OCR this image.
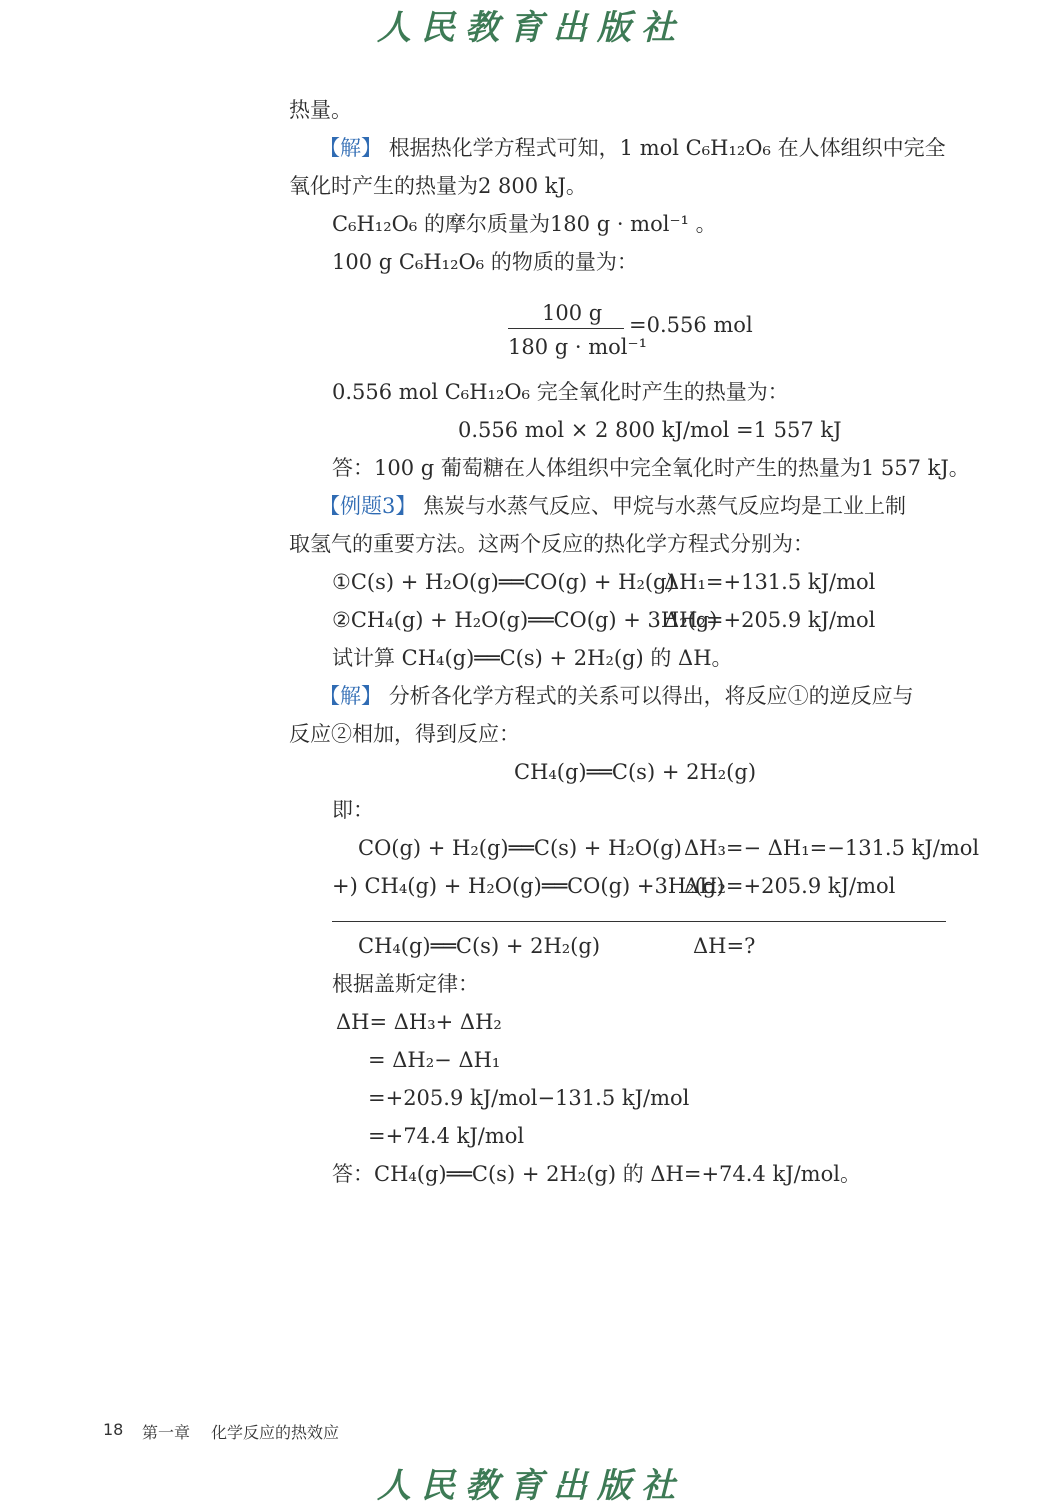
人民教育出版社
热量。
【解】 根据热化学方程式可知，1 mol C₆H₁₂O₆ 在人体组织中完全
氧化时产生的热量为2 800 kJ。
C₆H₁₂O₆ 的摩尔质量为180 g · mol⁻¹ 。
100 g C₆H₁₂O₆ 的物质的量为：
100 g
180 g · mol⁻¹
=0.556 mol
0.556 mol C₆H₁₂O₆ 完全氧化时产生的热量为：
0.556 mol × 2 800 kJ/mol =1 557 kJ
答：100 g 葡萄糖在人体组织中完全氧化时产生的热量为1 557 kJ。
【例题3】 焦炭与水蒸气反应、甲烷与水蒸气反应均是工业上制
取氢气的重要方法。这两个反应的热化学方程式分别为：
①C(s) + H₂O(g)══CO(g) + H₂(g)
ΔH₁=+131.5 kJ/mol
②CH₄(g) + H₂O(g)══CO(g) + 3H₂(g)
ΔH₂=+205.9 kJ/mol
试计算 CH₄(g)══C(s) + 2H₂(g) 的 ΔH。
【解】 分析各化学方程式的关系可以得出，将反应①的逆反应与
反应②相加，得到反应：
CH₄(g)══C(s) + 2H₂(g)
即：
CO(g) + H₂(g)══C(s) + H₂O(g) ΔH₃=− ΔH₁=−131.5 kJ/mol
+) CH₄(g) + H₂O(g)══CO(g) +3H₂(g)
ΔH₂=+205.9 kJ/mol
CH₄(g)══C(s) + 2H₂(g)	ΔH=?
根据盖斯定律：
ΔH= ΔH₃+ ΔH₂
= ΔH₂− ΔH₁
=+205.9 kJ/mol−131.5 kJ/mol
=+74.4 kJ/mol
答：CH₄(g)══C(s) + 2H₂(g) 的 ΔH=+74.4 kJ/mol。
18 第一章 化学反应的热效应
人民教育出版社
